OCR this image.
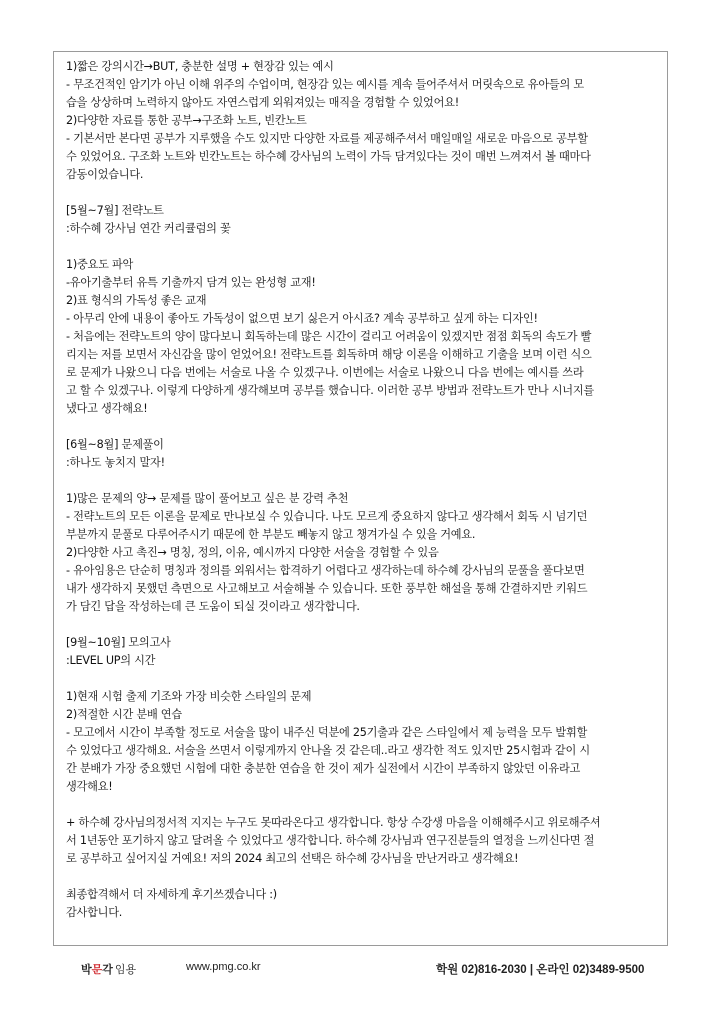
1)짧은 강의시간→BUT, 충분한 설명 + 현장감 있는 예시
- 무조건적인 암기가 아닌 이해 위주의 수업이며, 현장감 있는 예시를 계속 들어주셔서 머릿속으로 유아들의 모
습을 상상하며 노력하지 않아도 자연스럽게 외워져있는 매직을 경험할 수 있었어요!
2)다양한 자료를 통한 공부→구조화 노트, 빈칸노트
- 기본서만 본다면 공부가 지루했을 수도 있지만 다양한 자료를 제공해주셔서 매일매일 새로운 마음으로 공부할
수 있었어요. 구조화 노트와 빈칸노트는 하수혜 강사님의 노력이 가득 담겨있다는 것이 매번 느껴져서 볼 때마다
감동이었습니다.
[5월~7월] 전략노트
:하수혜 강사님 연간 커리큘럼의 꽃
1)중요도 파악
-유아기출부터 유특 기출까지 담겨 있는 완성형 교재!
2)표 형식의 가독성 좋은 교재
- 아무리 안에 내용이 좋아도 가독성이 없으면 보기 싫은거 아시죠? 계속 공부하고 싶게 하는 디자인!
- 처음에는 전략노트의 양이 많다보니 회독하는데 많은 시간이 걸리고 어려움이 있겠지만 점점 회독의 속도가 빨
리지는 저를 보면서 자신감을 많이 얻었어요! 전략노트를 회독하며 해당 이론을 이해하고 기출을 보며 이런 식으
로 문제가 나왔으니 다음 번에는 서술로 나올 수 있겠구나. 이번에는 서술로 나왔으니 다음 번에는 예시를 쓰라
고 할 수 있겠구나. 이렇게 다양하게 생각해보며 공부를 했습니다. 이러한 공부 방법과 전략노트가 만나 시너지를
냈다고 생각해요!
[6월~8월] 문제풀이
:하나도 놓치지 말자!
1)많은 문제의 양→ 문제를 많이 풀어보고 싶은 분 강력 추천
- 전략노트의 모든 이론을 문제로 만나보실 수 있습니다. 나도 모르게 중요하지 않다고 생각해서 회독 시 넘기던
부분까지 문풀로 다루어주시기 때문에 한 부분도 빼놓지 않고 챙겨가실 수 있을 거예요.
2)다양한 사고 촉진→ 명칭, 정의, 이유, 예시까지 다양한 서술을 경험할 수 있음
- 유아임용은 단순히 명칭과 정의를 외워서는 합격하기 어렵다고 생각하는데 하수혜 강사님의 문풀을 풀다보면
내가 생각하지 못했던 측면으로 사고해보고 서술해볼 수 있습니다. 또한 풍부한 해설을 통해 간결하지만 키워드
가 담긴 답을 작성하는데 큰 도움이 되실 것이라고 생각합니다.
[9월~10월] 모의고사
:LEVEL UP의 시간
1)현재 시험 출제 기조와 가장 비슷한 스타일의 문제
2)적절한 시간 분배 연습
- 모고에서 시간이 부족할 정도로 서술을 많이 내주신 덕분에 25기출과 같은 스타일에서 제 능력을 모두 발휘할
수 있었다고 생각해요. 서술을 쓰면서 이렇게까지 안나올 것 같은데..라고 생각한 적도 있지만 25시험과 같이 시
간 분배가 가장 중요했던 시험에 대한 충분한 연습을 한 것이 제가 실전에서 시간이 부족하지 않았던 이유라고
생각해요!
+ 하수혜 강사님의정서적 지지는 누구도 못따라온다고 생각합니다. 항상 수강생 마음을 이해해주시고 위로해주셔
서 1년동안 포기하지 않고 달려올 수 있었다고 생각합니다. 하수혜 강사님과 연구진분들의 열정을 느끼신다면 절
로 공부하고 싶어지실 거예요! 저의 2024 최고의 선택은 하수혜 강사님을 만난거라고 생각해요!
최종합격해서 더 자세하게 후기쓰겠습니다 :)
감사합니다.
박문각 임용	www.pmg.co.kr	학원 02)816-2030 | 온라인 02)3489-9500
